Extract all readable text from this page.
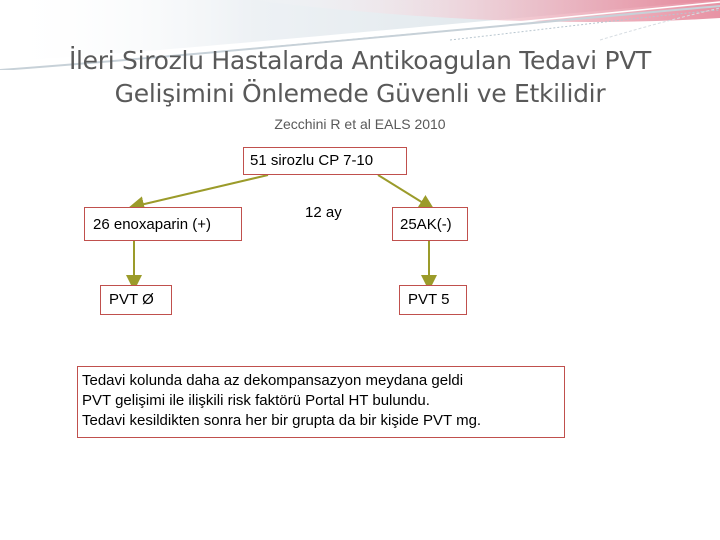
İleri Sirozlu Hastalarda Antikoagulan Tedavi PVT
Gelişimini Önlemede Güvenli ve Etkilidir
Zecchini R et al EALS 2010
51 sirozlu CP 7-10
26 enoxaparin (+)
12 ay
25AK(-)
PVT Ø	PVT 5
Tedavi kolunda daha az dekompansazyon meydana geldi
PVT gelişimi ile ilişkili risk faktörü Portal HT bulundu.
Tedavi kesildikten sonra her bir grupta da bir kişide PVT mg.
